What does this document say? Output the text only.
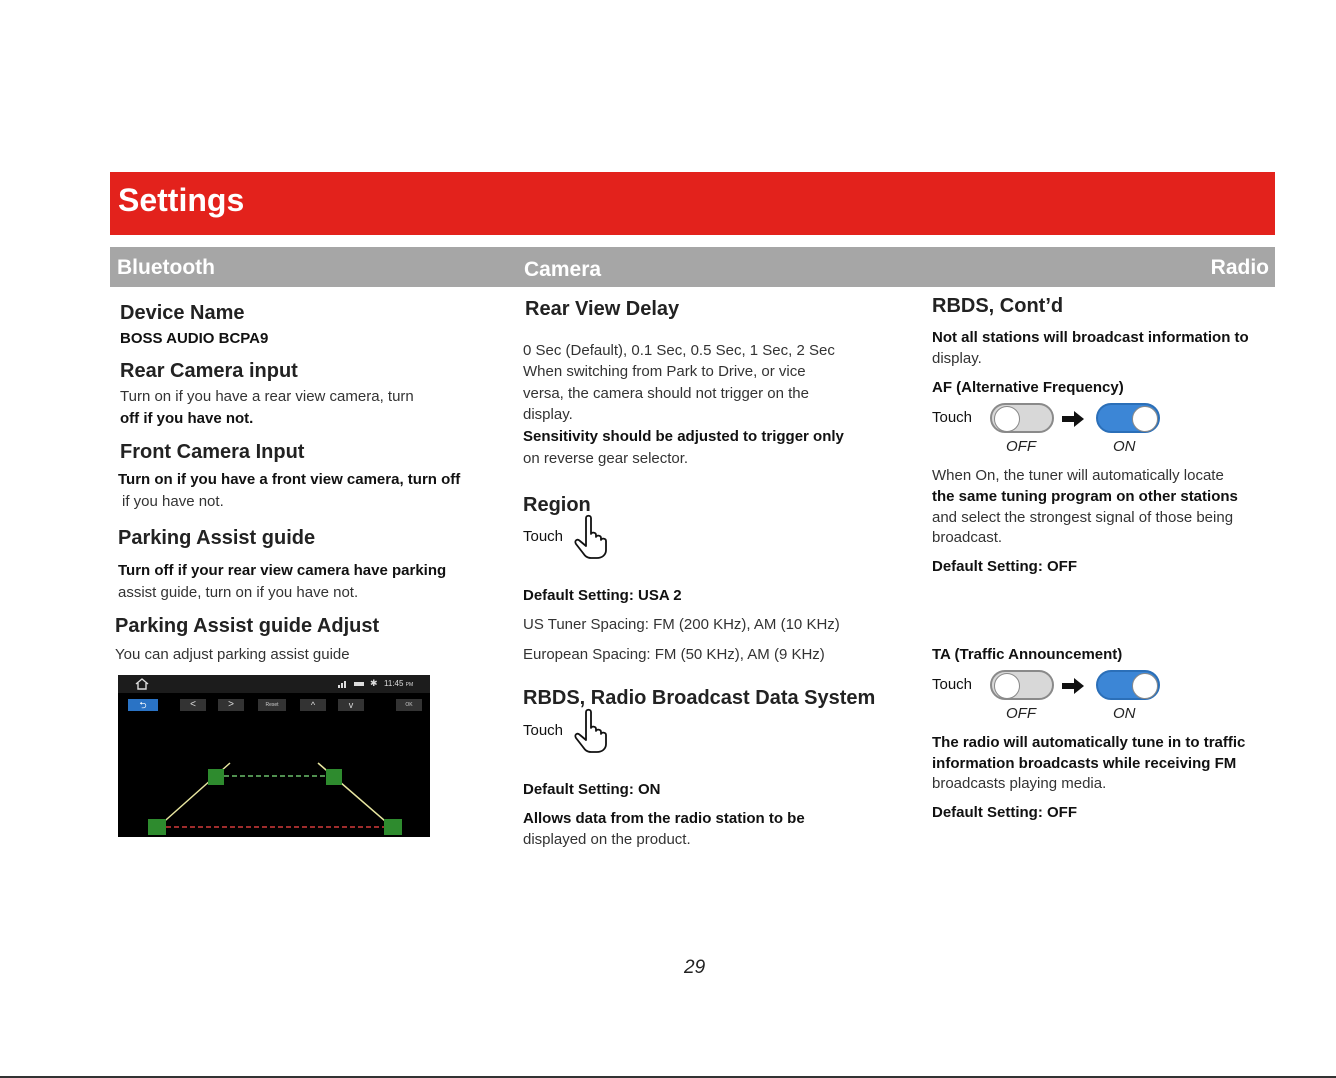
Settings
Bluetooth	Camera	Radio
Device Name
BOSS AUDIO BCPA9
Rear Camera input
Turn on if you have a rear view camera, turn
off if you have not.
Front Camera Input
Turn on if you have a front view camera, turn off
if you have not.
Parking Assist guide
Turn off if your rear view camera have parking
assist guide, turn on if you have not.
Parking Assist guide Adjust
You can adjust parking assist guide
✱ 11:45 PM
⮌	<	>	Reset	^	v	OK
Rear View Delay
0 Sec (Default), 0.1 Sec, 0.5 Sec, 1 Sec, 2 Sec
When switching from Park to Drive, or vice
versa, the camera should not trigger on the
display.
Sensitivity should be adjusted to trigger only
on reverse gear selector.
Region
Touch
Default Setting: USA 2
US Tuner Spacing: FM (200 KHz), AM (10 KHz)
European Spacing: FM (50 KHz), AM (9 KHz)
RBDS, Radio Broadcast Data System
Touch
Default Setting: ON
Allows data from the radio station to be
displayed on the product.
RBDS, Cont’d
Not all stations will broadcast information to
display.
AF (Alternative Frequency)
Touch
OFF	ON
When On, the tuner will automatically locate
the same tuning program on other stations
and select the strongest signal of those being
broadcast.
Default Setting: OFF
TA (Traffic Announcement)
Touch
OFF	ON
The radio will automatically tune in to traffic
information broadcasts while receiving FM
broadcasts playing media.
Default Setting: OFF
29
